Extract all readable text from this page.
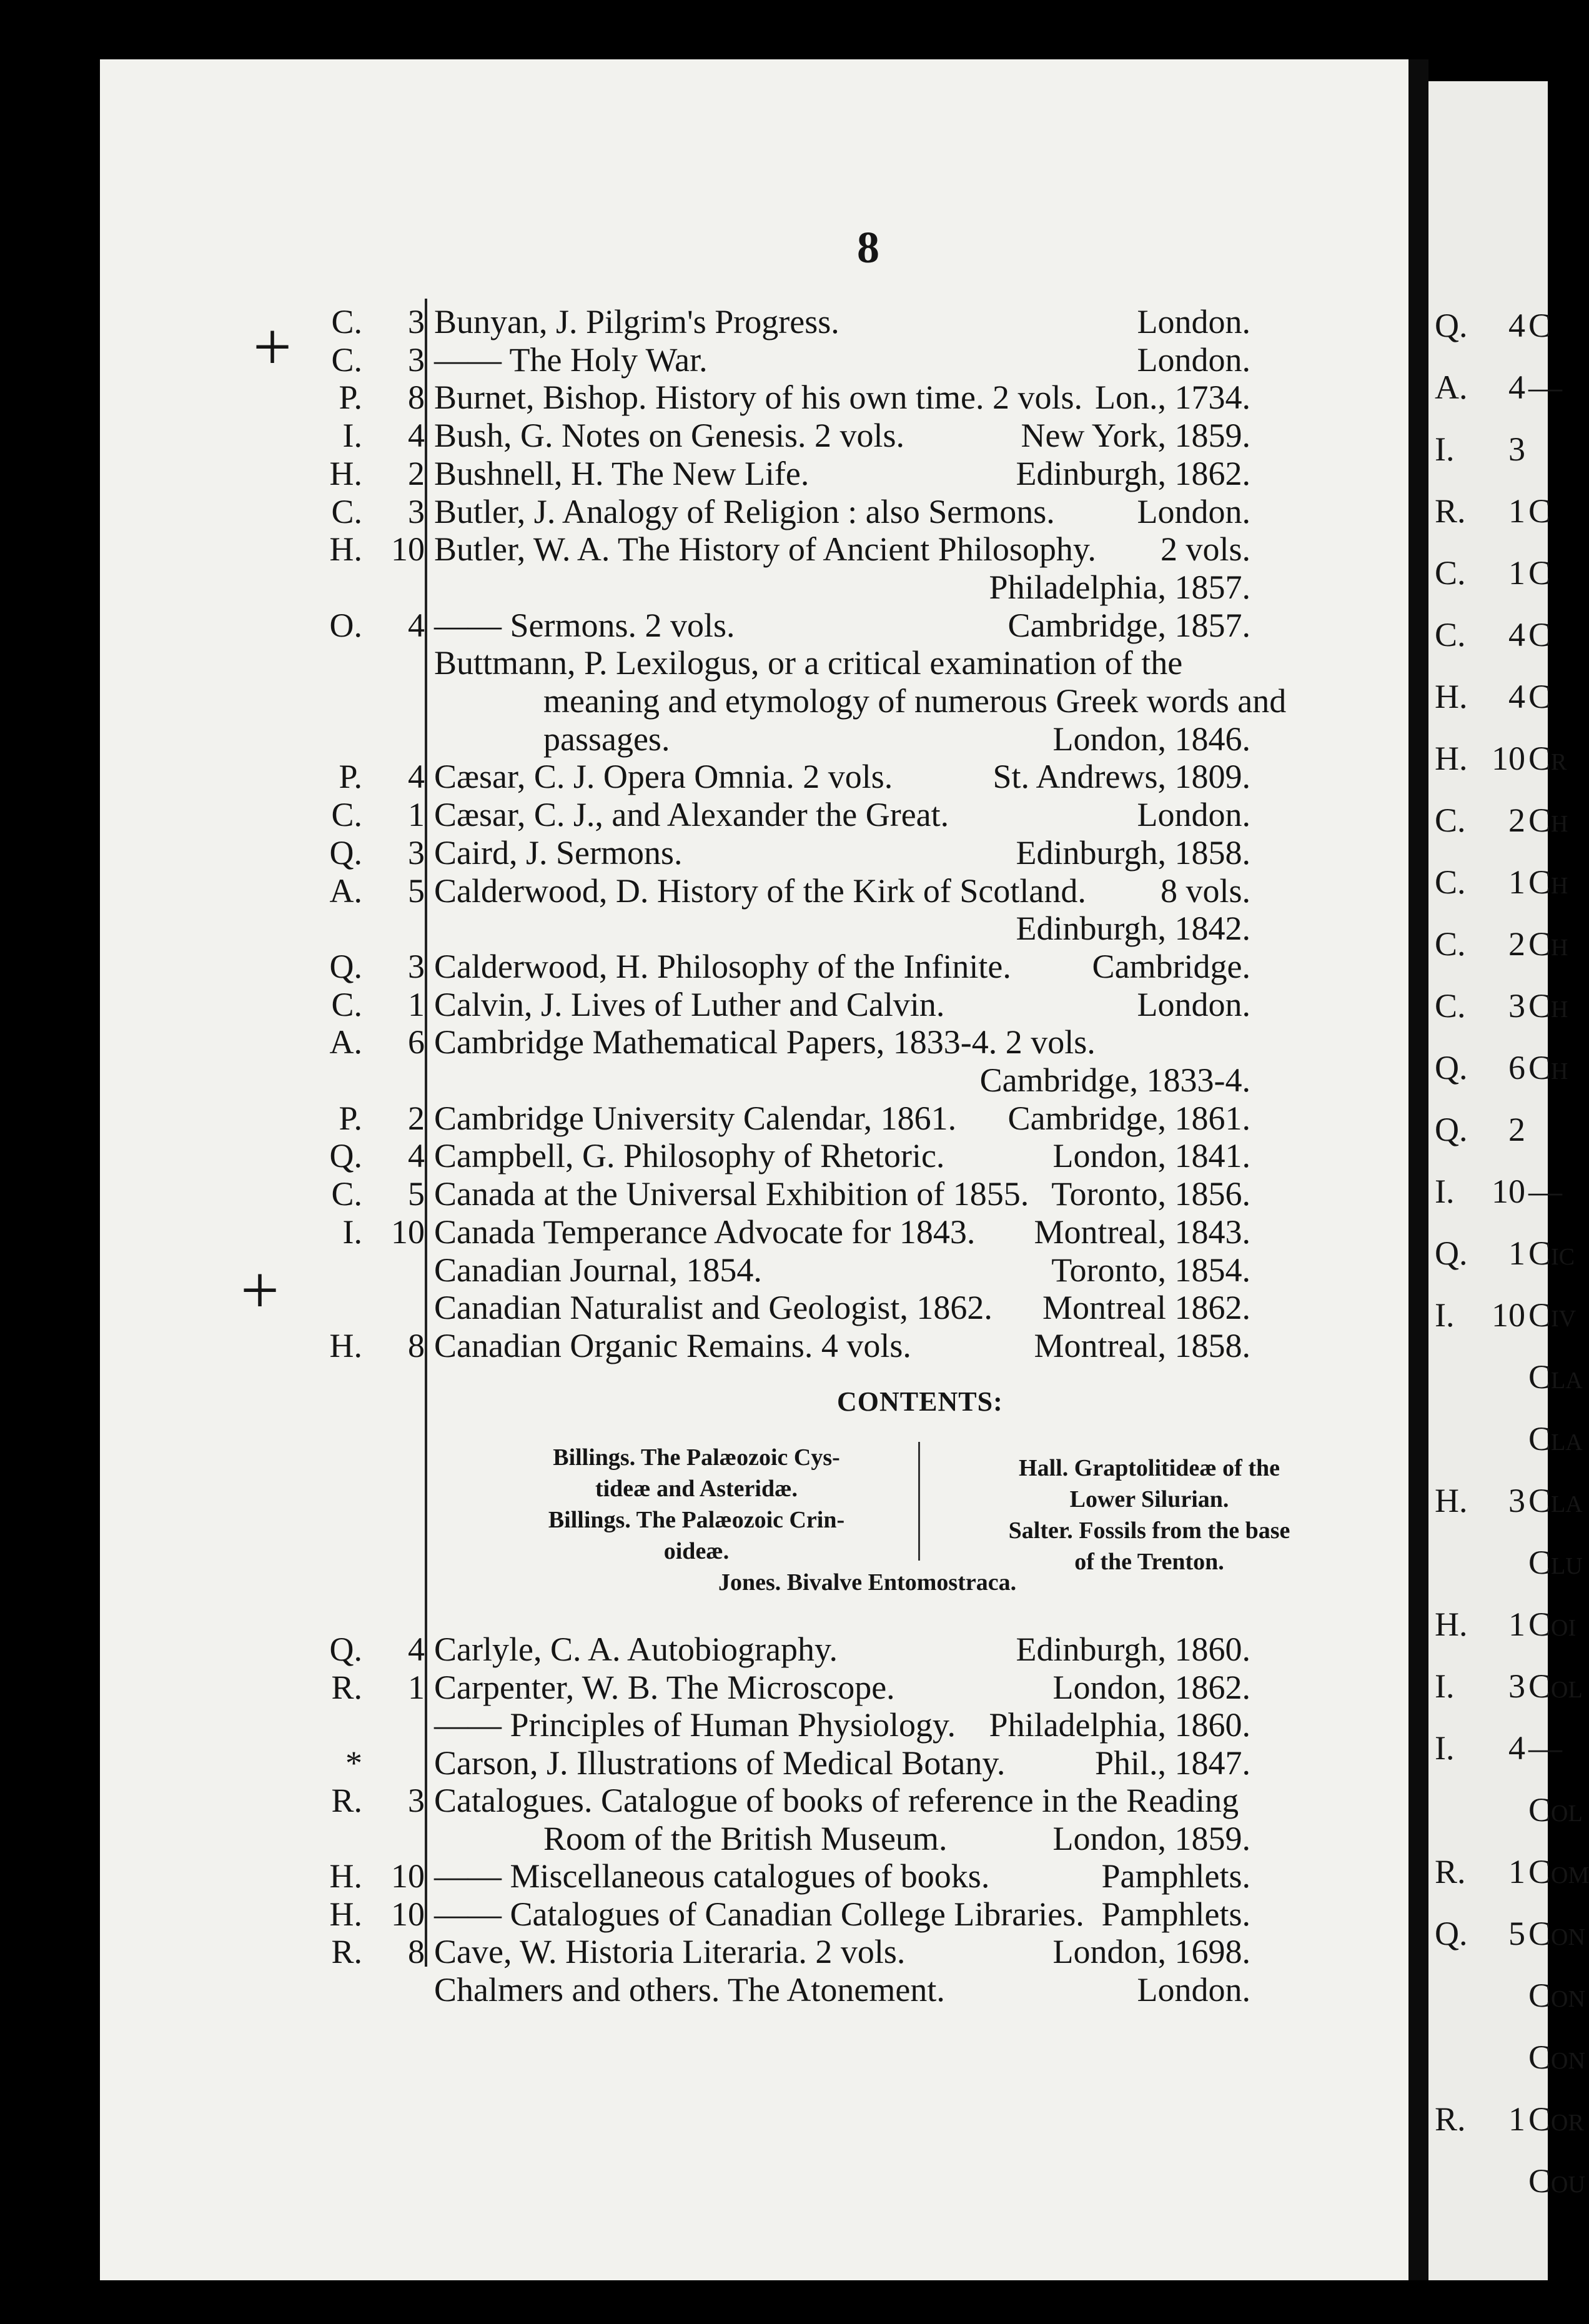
Q.	4 C
A.	4 —
I.	3
R.	1 C
C.	1 C
C.	4 C
H.	4 C
H. 10 Cr
C.	2 Ch
C.	1 Ch
C.	2 Ch
C.	3 Ch
Q.	6 Ch
Q.	2
I. 10 —
Q.	1 Cic
I. 10 Civ
Cla
Cla
H.	3 Cla
Clu
H.	1 Coi
I.	3 Col
I.	4 —
Col
R.	1 Com
Q.	5 Con
Con
Con
R.	1 Cor
Cou
8
+
+
C.	3 Bunyan, J. Pilgrim's Progress.	London.
C.	3 —— The Holy War.	London.
P.	8 Burnet, Bishop. History of his own time. 2 vols. Lon., 1734.
I.	4 Bush, G. Notes on Genesis. 2 vols.	New York, 1859.
H.	2 Bushnell, H. The New Life.	Edinburgh, 1862.
C.	3 Butler, J. Analogy of Religion : also Sermons. London.
H. 10 Butler, W. A. The History of Ancient Philosophy. 2 vols.
Philadelphia, 1857.
O.	4 —— Sermons. 2 vols.	Cambridge, 1857.
Buttmann, P. Lexilogus, or a critical examination of the
meaning and etymology of numerous Greek words and
passages.	London, 1846.
P.	4 Cæsar, C. J. Opera Omnia. 2 vols.	St. Andrews, 1809.
C.	1 Cæsar, C. J., and Alexander the Great.	London.
Q.	3 Caird, J. Sermons.	Edinburgh, 1858.
A.	5 Calderwood, D. History of the Kirk of Scotland. 8 vols.
Edinburgh, 1842.
Q.	3 Calderwood, H. Philosophy of the Infinite. Cambridge.
C.	1 Calvin, J. Lives of Luther and Calvin.	London.
A.	6 Cambridge Mathematical Papers, 1833-4. 2 vols.
Cambridge, 1833-4.
P.	2 Cambridge University Calendar, 1861. Cambridge, 1861.
Q.	4 Campbell, G. Philosophy of Rhetoric.	London, 1841.
C.	5 Canada at the Universal Exhibition of 1855. Toronto, 1856.
I. 10 Canada Temperance Advocate for 1843. Montreal, 1843.
Canadian Journal, 1854.	Toronto, 1854.
Canadian Naturalist and Geologist, 1862. Montreal 1862.
H.	8 Canadian Organic Remains. 4 vols.	Montreal, 1858.
CONTENTS:
Billings. The Palæozoic Cys-
tideæ and Asteridæ.
Billings. The Palæozoic Crin-
oideæ.
Hall. Graptolitideæ of the
Lower Silurian.
Salter. Fossils from the base
of the Trenton.
Jones. Bivalve Entomostraca.
Q.	4 Carlyle, C. A. Autobiography.	Edinburgh, 1860.
R.	1 Carpenter, W. B. The Microscope.	London, 1862.
—— Principles of Human Physiology. Philadelphia, 1860.
* Carson, J. Illustrations of Medical Botany.	Phil., 1847.
R.	3 Catalogues. Catalogue of books of reference in the Reading
Room of the British Museum.	London, 1859.
H. 10 —— Miscellaneous catalogues of books.	Pamphlets.
H. 10 —— Catalogues of Canadian College Libraries. Pamphlets.
R.	8 Cave, W. Historia Literaria. 2 vols.	London, 1698.
Chalmers and others. The Atonement.	London.
